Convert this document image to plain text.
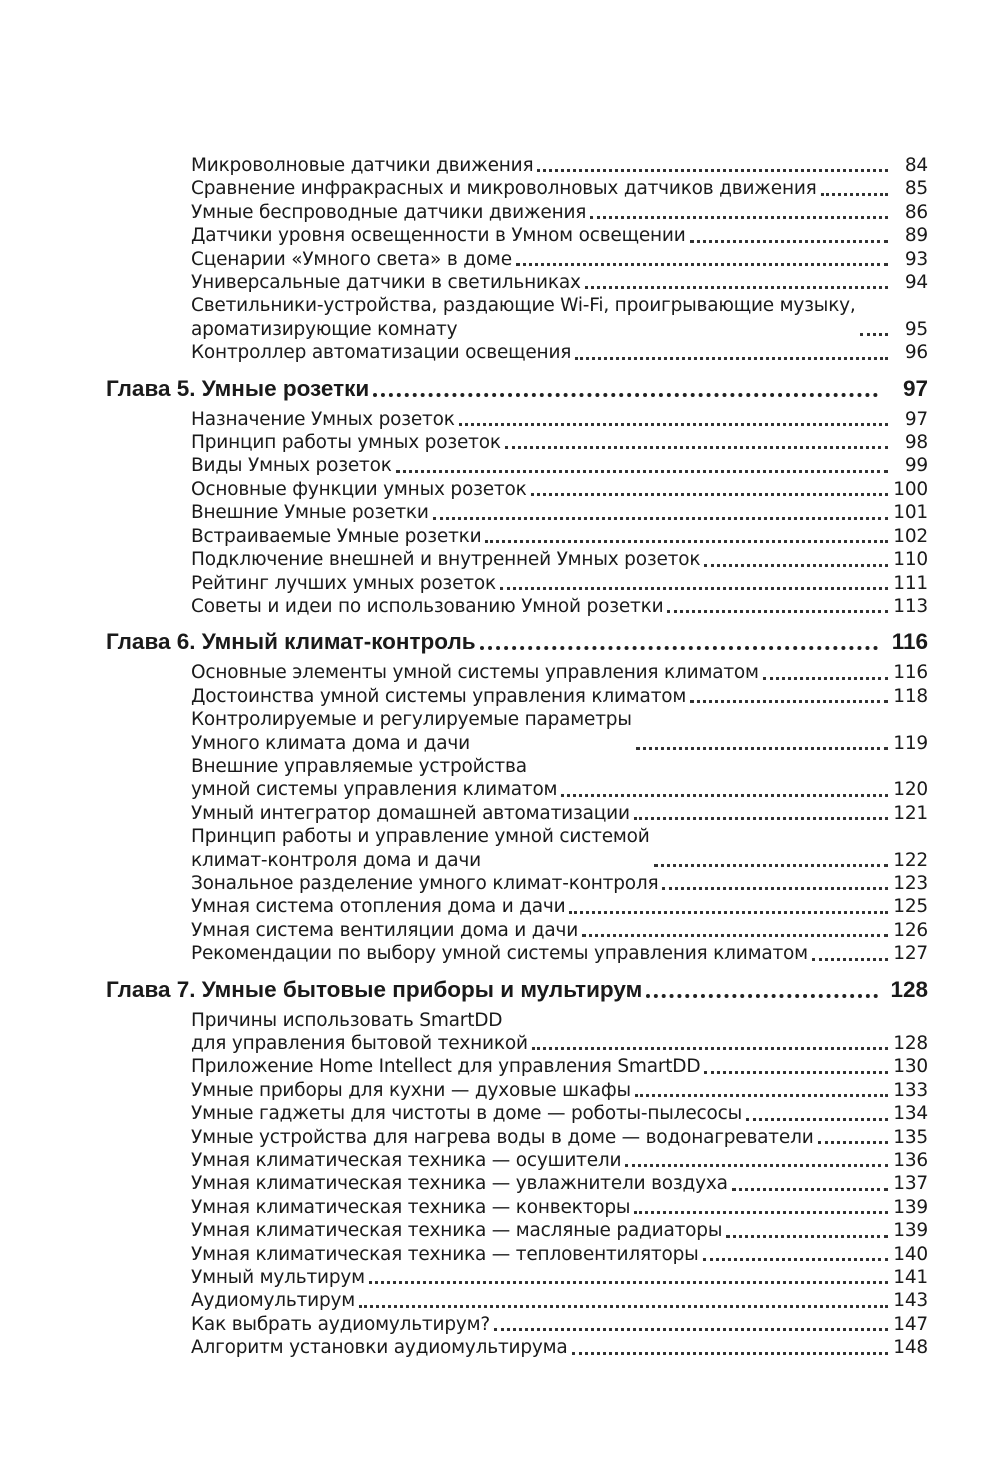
Микроволновые датчики движения	84
Сравнение инфракрасных и микроволновых датчиков движения	85
Умные беспроводные датчики движения	86
Датчики уровня освещенности в Умном освещении	89
Сценарии «Умного света» в доме	93
Универсальные датчики в светильниках	94
Светильники-устройства, раздающие Wi-Fi, проигрывающие музыку,
ароматизирующие комнату	95
Контроллер автоматизации освещения	96
Глава 5. Умные розетки	97
Назначение Умных розеток	97
Принцип работы умных розеток	98
Виды Умных розеток	99
Основные функции умных розеток	100
Внешние Умные розетки	101
Встраиваемые Умные розетки	102
Подключение внешней и внутренней Умных розеток	110
Рейтинг лучших умных розеток	111
Советы и идеи по использованию Умной розетки	113
Глава 6. Умный климат-контроль	116
Основные элементы умной системы управления климатом	116
Достоинства умной системы управления климатом	118
Контролируемые и регулируемые параметры
Умного климата дома и дачи	119
Внешние управляемые устройства
умной системы управления климатом	120
Умный интегратор домашней автоматизации	121
Принцип работы и управление умной системой
климат-контроля дома и дачи	122
Зональное разделение умного климат-контроля	123
Умная система отопления дома и дачи	125
Умная система вентиляции дома и дачи	126
Рекомендации по выбору умной системы управления климатом	127
Глава 7. Умные бытовые приборы и мультирум	128
Причины использовать SmartDD
для управления бытовой техникой	128
Приложение Home Intellect для управления SmartDD	130
Умные приборы для кухни — духовые шкафы	133
Умные гаджеты для чистоты в доме — роботы-пылесосы	134
Умные устройства для нагрева воды в доме — водонагреватели	135
Умная климатическая техника — осушители	136
Умная климатическая техника — увлажнители воздуха	137
Умная климатическая техника — конвекторы	139
Умная климатическая техника — масляные радиаторы	139
Умная климатическая техника — тепловентиляторы	140
Умный мультирум	141
Аудиомультирум	143
Как выбрать аудиомультирум?	147
Алгоритм установки аудиомультирума	148
